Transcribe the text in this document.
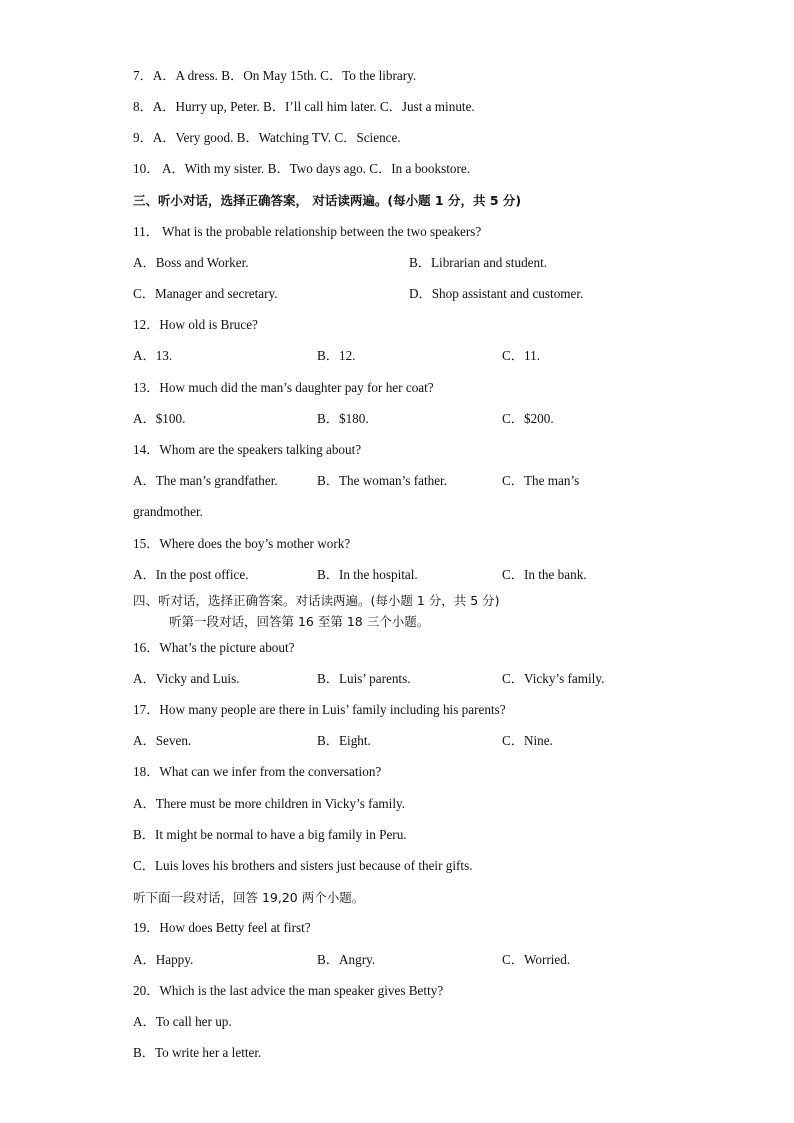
7．A．A dress. B．On May 15th. C．To the library.
8．A．Hurry up, Peter. B．I’ll call him later. C．Just a minute.
9．A．Very good. B．Watching TV. C．Science.
10． A．With my sister. B．Two days ago. C．In a bookstore.
三、听小对话，选择正确答案， 对话读两遍。(每小题 1 分，共 5 分)
11． What is the probable relationship between the two speakers?
A．Boss and Worker.	B．Librarian and student.
C．Manager and secretary.	D．Shop assistant and customer.
12．How old is Bruce?
A．13.	B．12.	C．11.
13．How much did the man’s daughter pay for her coat?
A．$100.	B．$180.	C．$200.
14．Whom are the speakers talking about?
A．The man’s grandfather.	B．The woman’s father.	C．The man’s
grandmother.
15．Where does the boy’s mother work?
A．In the post office.	B．In the hospital.	C．In the bank.
四、听对话，选择正确答案。对话读两遍。(每小题 1 分，共 5 分)
听第一段对话，回答第 16 至第 18 三个小题。
16．What’s the picture about?
A．Vicky and Luis.	B．Luis’ parents.	C．Vicky’s family.
17．How many people are there in Luis’ family including his parents?
A．Seven.	B．Eight.	C．Nine.
18．What can we infer from the conversation?
A．There must be more children in Vicky’s family.
B．It might be normal to have a big family in Peru.
C．Luis loves his brothers and sisters just because of their gifts.
听下面一段对话，回答 19,20 两个小题。
19．How does Betty feel at first?
A．Happy.	B．Angry.	C．Worried.
20．Which is the last advice the man speaker gives Betty?
A．To call her up.
B．To write her a letter.
